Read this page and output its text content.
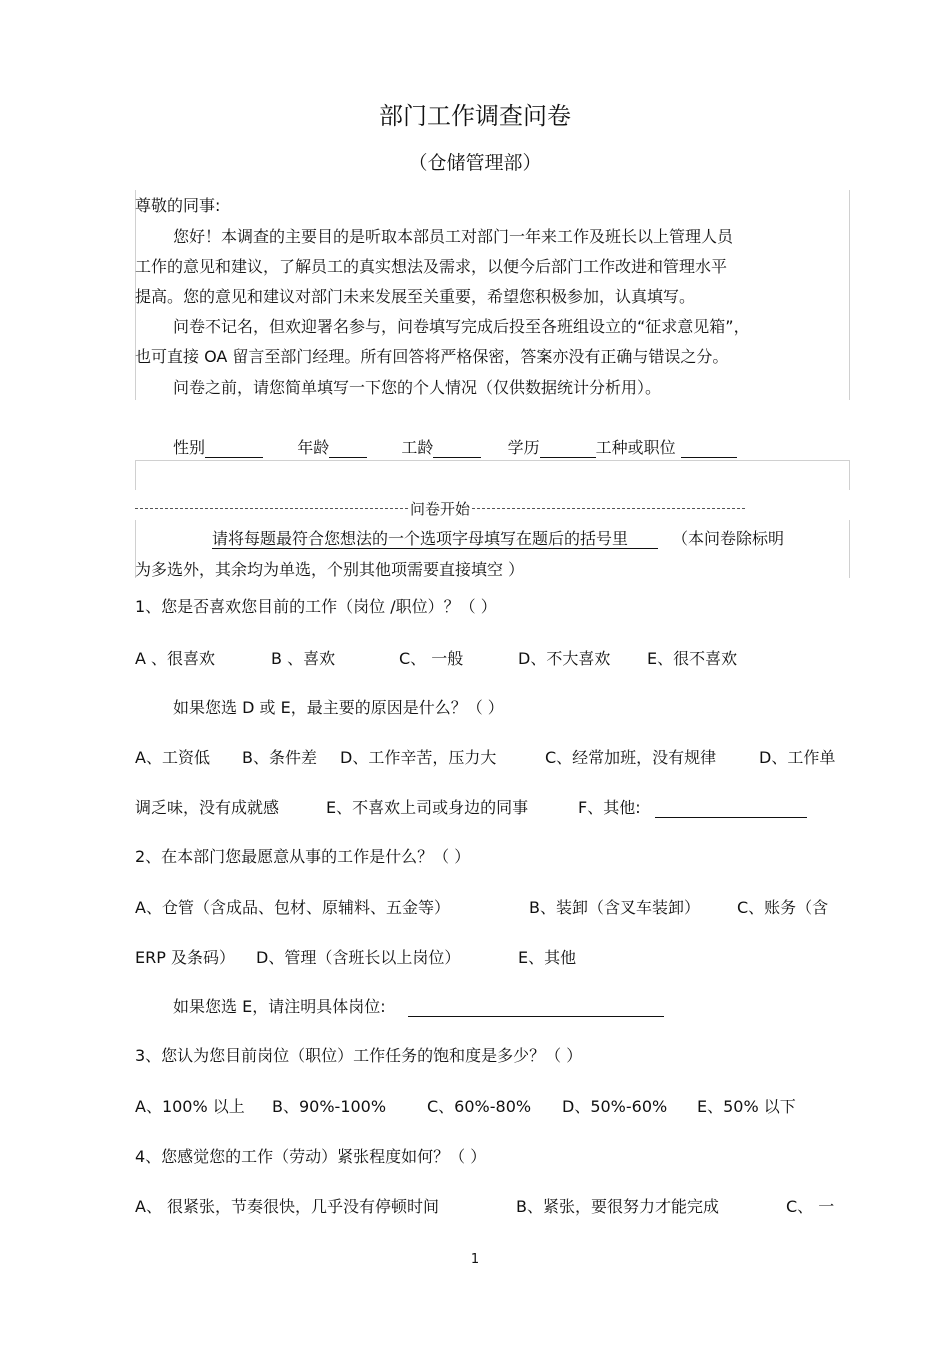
部门工作调查问卷
（仓储管理部）
尊敬的同事:
您好！本调查的主要目的是听取本部员工对部门一年来工作及班长以上管理人员
工作的意见和建议，了解员工的真实想法及需求，以便今后部门工作改进和管理水平
提高。您的意见和建议对部门未来发展至关重要，希望您积极参加，认真填写。
问卷不记名，但欢迎署名参与，问卷填写完成后投至各班组设立的“征求意见箱”，
也可直接 OA 留言至部门经理。所有回答将严格保密，答案亦没有正确与错误之分。
问卷之前，请您简单填写一下您的个人情况（仅供数据统计分析用）。
性别	年龄	工龄	学历	工种或职位
问卷开始
请将每题最符合您想法的一个选项字母填写在题后的括号里	（本问卷除标明
为多选外，其余均为单选，个别其他项需要直接填空 ）
1、您是否喜欢您目前的工作（岗位 /职位）？（ ）
A 、很喜欢	B 、喜欢	C、 一般	D、不大喜欢 E、很不喜欢
如果您选 D 或 E，最主要的原因是什么？（ ）
A、工资低 B、条件差 D、工作辛苦，压力大	C、经常加班，没有规律	D、工作单
调乏味，没有成就感	E、不喜欢上司或身边的同事	F、其他:
2、在本部门您最愿意从事的工作是什么？（ ）
A、仓管（含成品、包材、原辅料、五金等）	B、装卸（含叉车装卸） C、账务（含
ERP 及条码） D、管理（含班长以上岗位）	E、其他
如果您选 E，请注明具体岗位:
3、您认为您目前岗位（职位）工作任务的饱和度是多少？（ ）
A、100% 以上 B、90%-100%	C、60%-80% D、50%-60% E、50% 以下
4、您感觉您的工作（劳动）紧张程度如何？（ ）
A、 很紧张，节奏很快，几乎没有停顿时间	B、紧张，要很努力才能完成	C、 一
1
